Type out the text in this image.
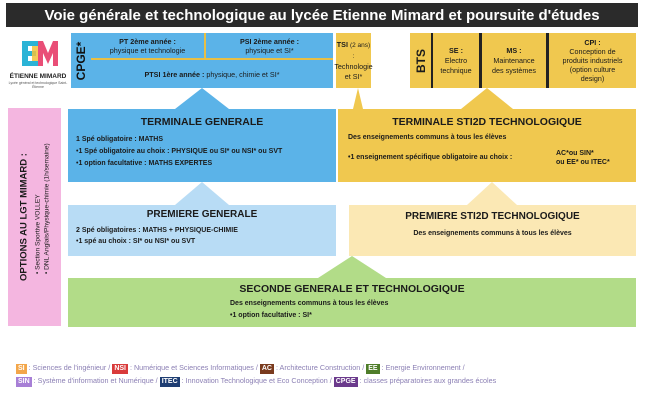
Voie générale et technologique au lycée Etienne Mimard et poursuite d'études
ÉTIENNE MIMARD
Lycée général et technologique Saint-Étienne
CPGE*
PT 2ème année :
physique et technologie
PSI 2ème année :
physique et SI*
PTSI 1ère année : physique, chimie et SI*
TSI (2 ans) :
Technologie
et SI*
BTS	SE :
Electro
technique
MS :
Maintenance
des systèmes
CPI :
Conception de
produits industriels
(option culture
design)
OPTIONS AU LGT MIMARD : • Section Sportive VOLLEY • DNL Anglais/Physique-chimie (1h/semaine)
TERMINALE GENERALE
1 Spé obligatoire : MATHS
• 1 Spé obligatoire au choix : PHYSIQUE ou SI* ou NSI* ou SVT
• 1 option facultative : MATHS EXPERTES
TERMINALE STI2D TECHNOLOGIQUE
Des enseignements communs à tous les élèves
• 1 enseignement spécifique obligatoire au choix :
AC*ou SIN*
ou EE* ou ITEC*
PREMIERE GENERALE
2 Spé obligatoires : MATHS + PHYSIQUE-CHIMIE
• 1 spé au choix : SI* ou NSI* ou SVT
PREMIERE STI2D TECHNOLOGIQUE
Des enseignements communs à tous les élèves
SECONDE GENERALE ET TECHNOLOGIQUE
Des enseignements communs à tous les élèves
• 1 option facultative : SI*
SI : Sciences de l'ingénieur / NSI : Numérique et Sciences Informatiques / AC : Architecture Construction / EE : Energie Environnement /
SIN : Système d'information et Numérique / ITEC : Innovation Technologique et Eco Conception / CPGE : classes préparatoires aux grandes écoles
